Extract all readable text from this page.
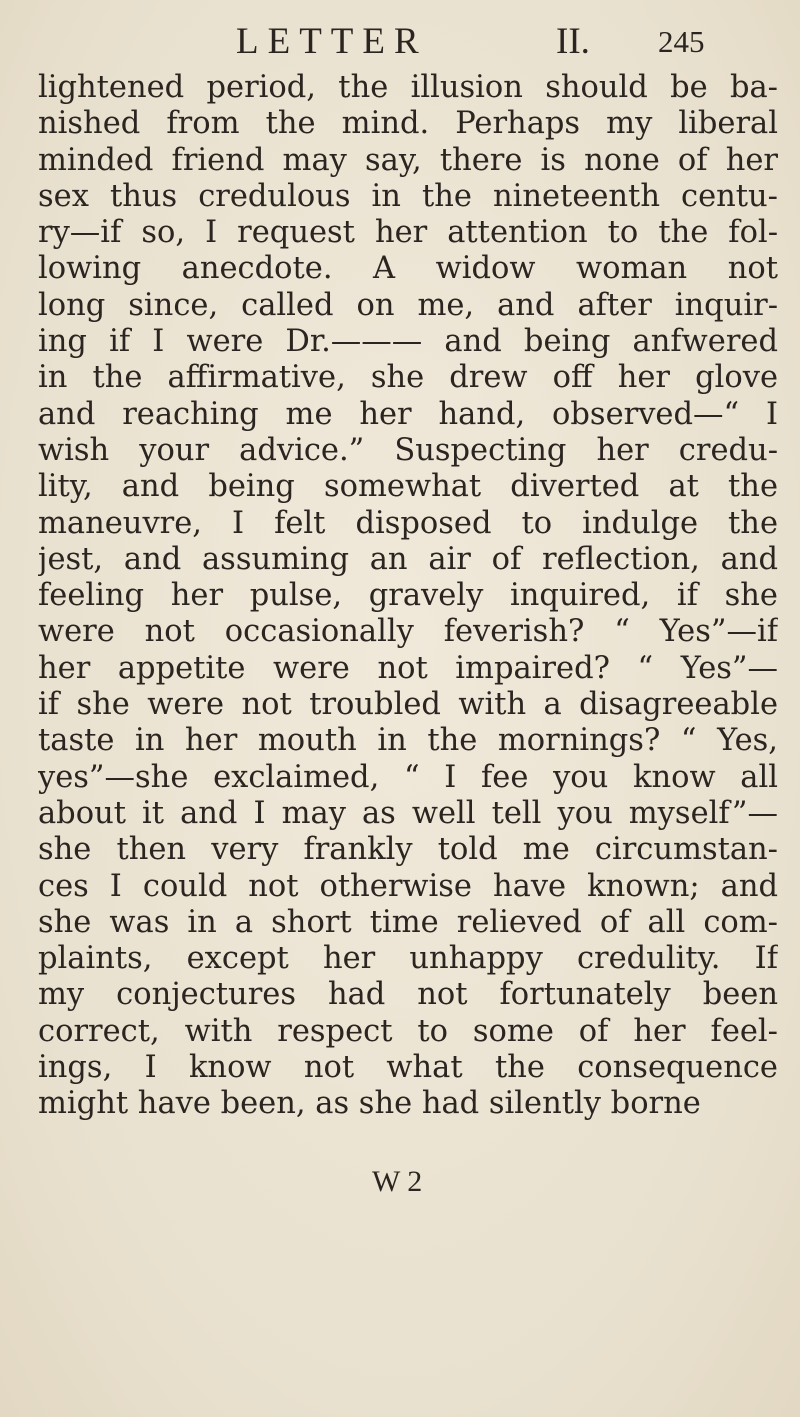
LETTER	II. 245
lightened period, the illusion should be ba-
nished from the mind. Perhaps my liberal
minded friend may say, there is none of her
sex thus credulous in the nineteenth centu-
ry—if so, I request her attention to the fol-
lowing anecdote. A widow woman not
long since, called on me, and after inquir-
ing if I were Dr.——— and being anfwered
in the affirmative, she drew off her glove
and reaching me her hand, observed—“ I
wish your advice.” Suspecting her credu-
lity, and being somewhat diverted at the
maneuvre, I felt disposed to indulge the
jest, and assuming an air of reflection, and
feeling her pulse, gravely inquired, if she
were not occasionally feverish? “ Yes”—if
her appetite were not impaired? “ Yes”—
if she were not troubled with a disagreeable
taste in her mouth in the mornings? “ Yes,
yes”—she exclaimed, “ I fee you know all
about it and I may as well tell you myself”—
she then very frankly told me circumstan-
ces I could not otherwise have known; and
she was in a short time relieved of all com-
plaints, except her unhappy credulity. If
my conjectures had not fortunately been
correct, with respect to some of her feel-
ings, I know not what the consequence
might have been, as she had silently borne
W 2
